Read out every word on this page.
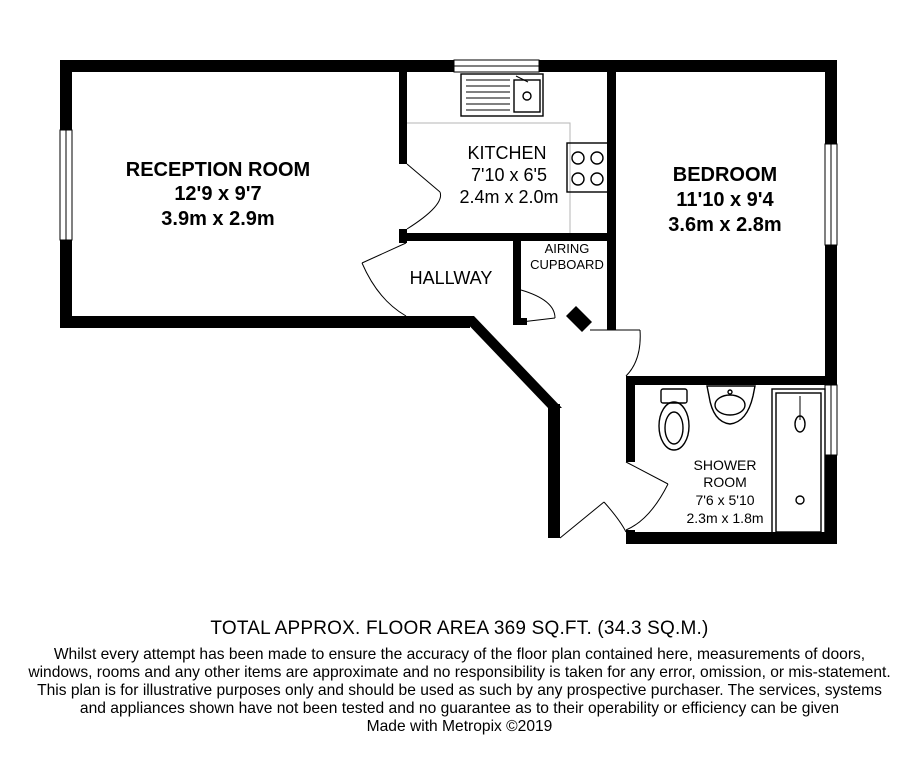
RECEPTION ROOM
12'9 x 9'7
3.9m x 2.9m
KITCHEN
7'10 x 6'5
2.4m x 2.0m
BEDROOM
11'10 x 9'4
3.6m x 2.8m
HALLWAY
AIRING
CUPBOARD
SHOWER
ROOM
7'6 x 5'10
2.3m x 1.8m
TOTAL APPROX. FLOOR AREA 369 SQ.FT. (34.3 SQ.M.)
Whilst every attempt has been made to ensure the accuracy of the floor plan contained here, measurements of doors, windows, rooms and any other items are approximate and no responsibility is taken for any error, omission, or mis-statement. This plan is for illustrative purposes only and should be used as such by any prospective purchaser. The services, systems and appliances shown have not been tested and no guarantee as to their operability or efficiency can be given
Made with Metropix ©2019
